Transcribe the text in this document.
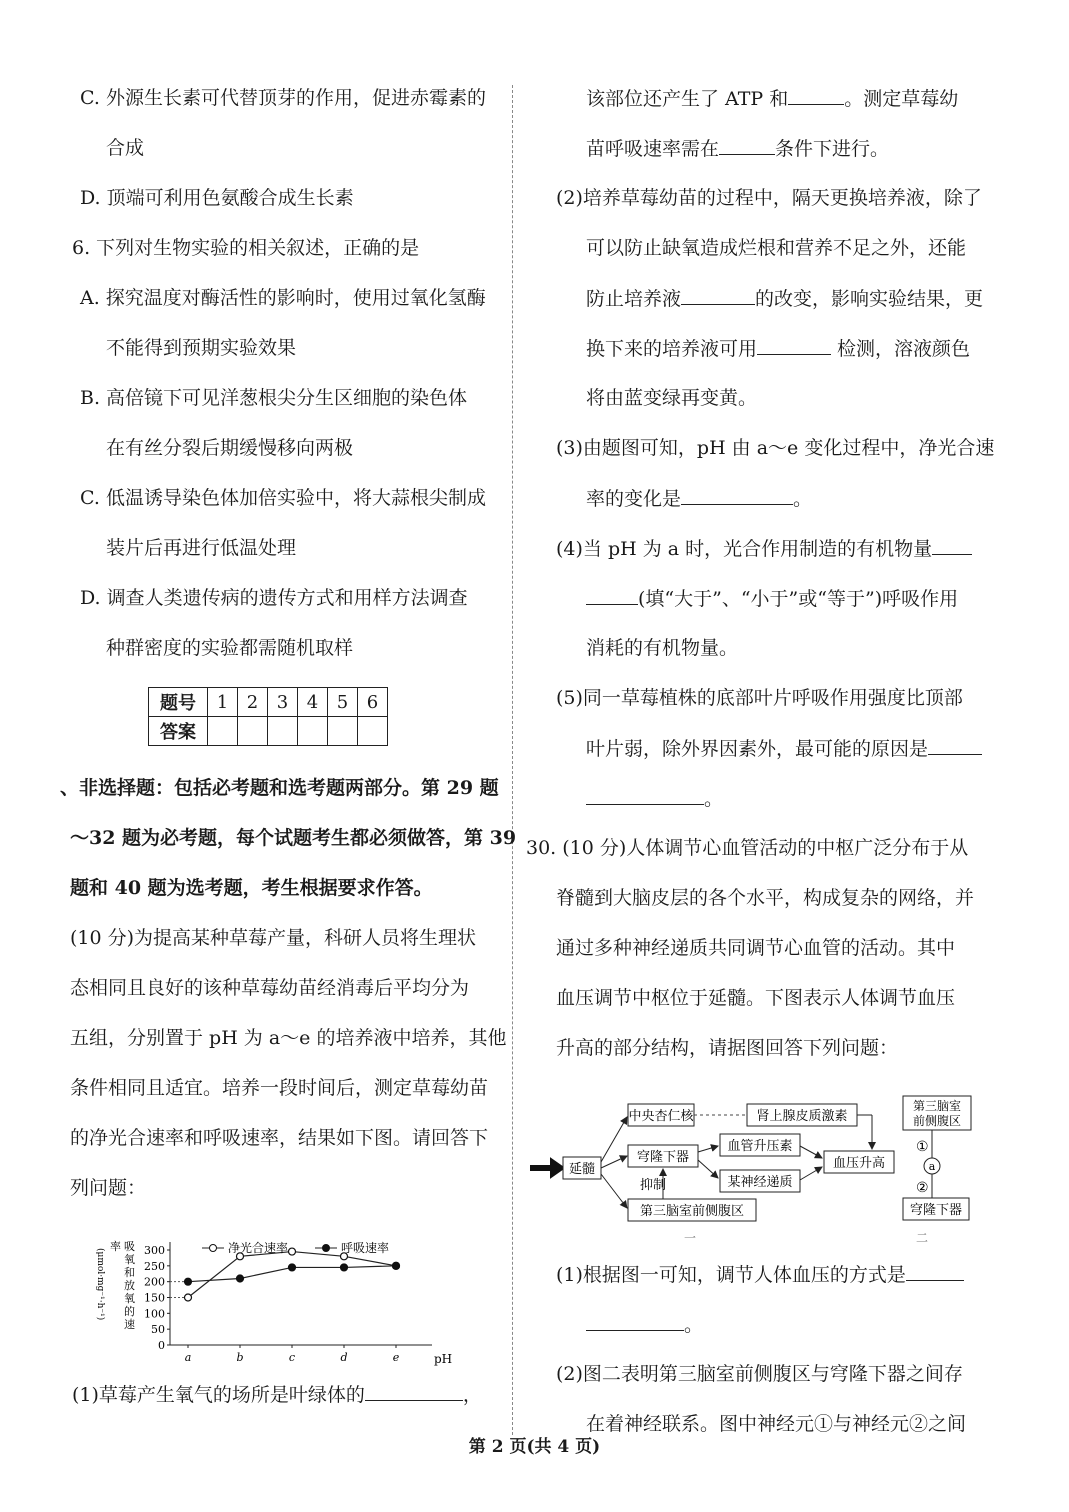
C. 外源生长素可代替顶芽的作用，促进赤霉素的
合成
D. 顶端可利用色氨酸合成生长素
6. 下列对生物实验的相关叙述，正确的是
A. 探究温度对酶活性的影响时，使用过氧化氢酶
不能得到预期实验效果
B. 高倍镜下可见洋葱根尖分生区细胞的染色体
在有丝分裂后期缓慢移向两极
C. 低温诱导染色体加倍实验中，将大蒜根尖制成
装片后再进行低温处理
D. 调查人类遗传病的遗传方式和用样方法调查
种群密度的实验都需随机取样
题号	1	2	3	4	5	6
答案						
、非选择题：包括必考题和选考题两部分。第 29 题
～32 题为必考题，每个试题考生都必须做答，第 39
题和 40 题为选考题，考生根据要求作答。
(10 分)为提高某种草莓产量，科研人员将生理状
态相同且良好的该种草莓幼苗经消毒后平均分为
五组，分别置于 pH 为 a～e 的培养液中培养，其他
条件相同且适宜。培养一段时间后，测定草莓幼苗
的净光合速率和呼吸速率，结果如下图。请回答下
列问题：
率 吸
氧
和
放
氧
的
速
(μmol·mg⁻¹·h⁻¹)
0
50
100
150
200
250
300
a	b	c	d	e	pH
净光合速率	呼吸速率
(1)草莓产生氧气的场所是叶绿体的	，
该部位还产生了 ATP 和	。测定草莓幼
苗呼吸速率需在	条件下进行。
(2)培养草莓幼苗的过程中，隔天更换培养液，除了
可以防止缺氧造成烂根和营养不足之外，还能
防止培养液	的改变，影响实验结果，更
换下来的培养液可用	检测，溶液颜色
将由蓝变绿再变黄。
(3)由题图可知，pH 由 a～e 变化过程中，净光合速
率的变化是	。
(4)当 pH 为 a 时，光合作用制造的有机物量
(填“大于”、“小于”或“等于”)呼吸作用
消耗的有机物量。
(5)同一草莓植株的底部叶片呼吸作用强度比顶部
叶片弱，除外界因素外，最可能的原因是
。
30. (10 分)人体调节心血管活动的中枢广泛分布于从
脊髓到大脑皮层的各个水平，构成复杂的网络，并
通过多种神经递质共同调节心血管的活动。其中
血压调节中枢位于延髓。下图表示人体调节血压
升高的部分结构，请据图回答下列问题：
延髓
中央杏仁核	肾上腺皮质激素
穹隆下器
血管升压素
某神经递质
血压升高
第三脑室前侧腹区
抑制
第三脑室
前侧腹区
①
a
②
穹隆下器
一	二
(1)根据图一可知，调节人体血压的方式是
。
(2)图二表明第三脑室前侧腹区与穹隆下器之间存
在着神经联系。图中神经元①与神经元②之间
第 2 页(共 4 页)
